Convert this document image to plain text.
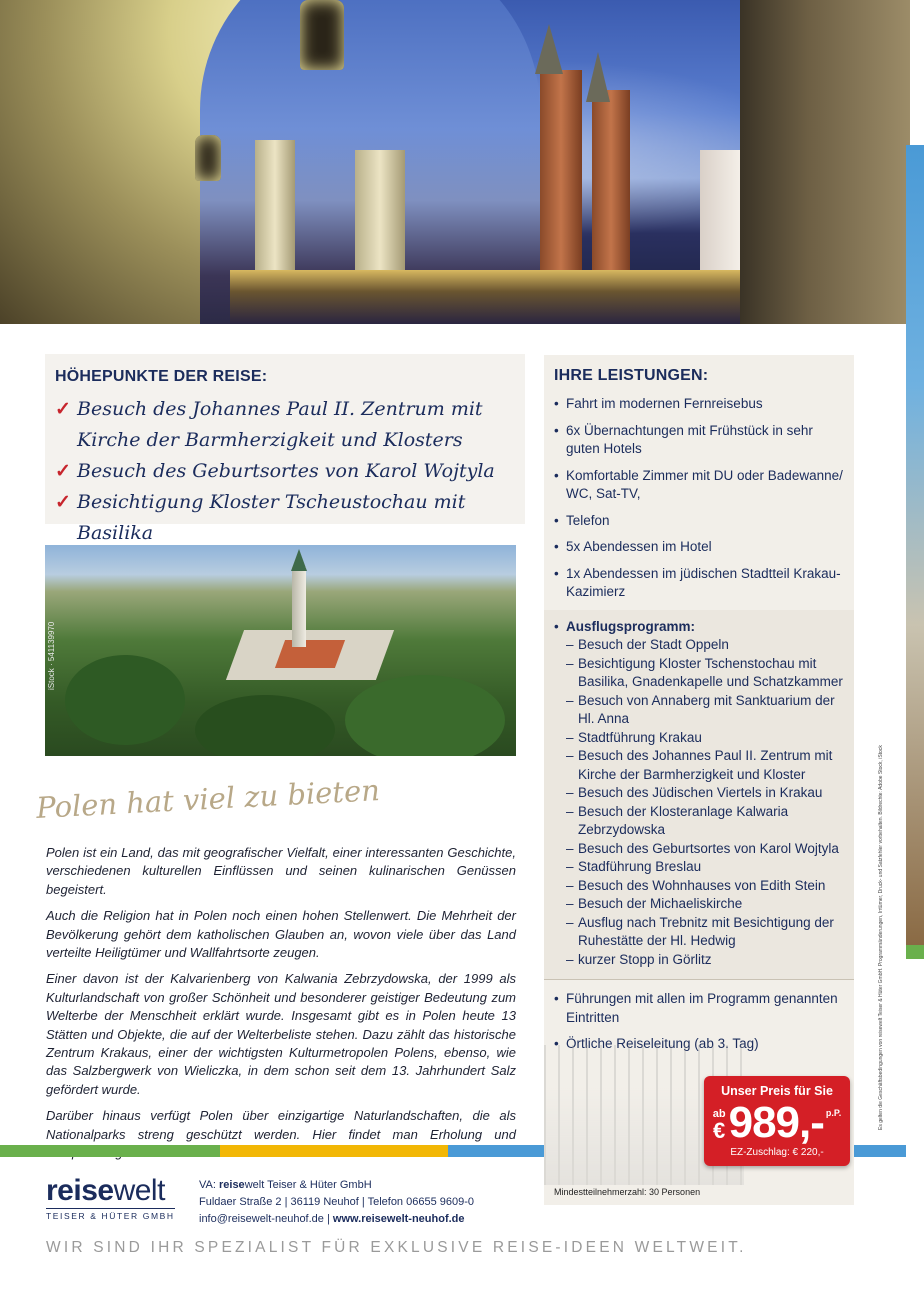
HÖHEPUNKTE DER REISE:
✓ Besuch des Johannes Paul II. Zentrum mit Kirche der Barmherzigkeit und Klosters
✓ Besuch des Geburtsortes von Karol Wojtyla
✓ Besichtigung Kloster Tscheustochau mit Basilika
iStock · 541139970
Polen hat viel zu bieten

Polen ist ein Land, das mit geografischer Vielfalt, einer interessanten Geschichte, verschiedenen kulturellen Einflüssen und seinen kulinarischen Genüssen begeistert.

Auch die Religion hat in Polen noch einen hohen Stellenwert. Die Mehrheit der Bevölkerung gehört dem katholischen Glauben an, wovon viele über das Land verteilte Heiligtümer und Wallfahrtsorte zeugen.

Einer davon ist der Kalvarienberg von Kalwania Zebrzydowska, der 1999 als Kulturlandschaft von großer Schönheit und besonderer geistiger Bedeutung zum Welterbe der Menschheit erklärt wurde. Insgesamt gibt es in Polen heute 13 Stätten und Objekte, die auf der Welterbeliste stehen. Dazu zählt das historische Zentrum Krakaus, einer der wichtigsten Kulturmetropolen Polens, ebenso, wie das Salzbergwerk von Wieliczka, in dem schon seit dem 13. Jahrhundert Salz gefördert wurde.

Darüber hinaus verfügt Polen über einzigartige Naturlandschaften, die als Nationalparks streng geschützt werden. Hier findet man Erholung und

IHRE LEISTUNGEN:
• Fahrt im modernen Fernreisebus
• 6x Übernachtungen mit Frühstück in sehr guten Hotels
• Komfortable Zimmer mit DU oder Badewanne/ WC, Sat-TV,
• Telefon
• 5x Abendessen im Hotel
• 1x Abendessen im jüdischen Stadtteil Krakau-Kazimierz
• Ausflugsprogramm:
– Besuch der Stadt Oppeln
– Besichtigung Kloster Tschenstochau mit Basilika, Gnadenkapelle und Schatzkammer
– Besuch von Annaberg mit Sanktuarium der Hl. Anna
– Stadtführung Krakau
– Besuch des Johannes Paul II. Zentrum mit Kirche der Barmherzigkeit und Kloster
– Besuch des Jüdischen Viertels in Krakau
– Besuch der Klosteranlage Kalwaria Zebrzydowska
– Besuch des Geburtsortes von Karol Wojtyla
– Stadführung Breslau
– Besuch des Wohnhauses von Edith Stein
– Besuch der Michaeliskirche
– Ausflug nach Trebnitz mit Besichtigung der Ruhestätte der Hl. Hedwig
– kurzer Stopp in Görlitz
• Führungen mit allen im Programm genannten Eintritten
• Örtliche Reiseleitung (ab 3. Tag)
Mindestteilnehmerzahl: 30 Personen
Unser Preis für Sie
ab
€ 989,- p.P.
EZ-Zuschlag: € 220,-
Es gelten die Geschäftsbedingungen von reisewelt Teiser & Hüter GmbH. Programmänderungen, Irrtümer, Druck- und Satzfehler vorbehalten. Bildrechte: Adobe Stock, iStock
reisewelt
TEISER & HÜTER GMBH
VA: reisewelt Teiser & Hüter GmbH
Fuldaer Straße 2 | 36119 Neuhof | Telefon 06655 9609-0
info@reisewelt-neuhof.de | www.reisewelt-neuhof.de
WIR SIND IHR SPEZIALIST FÜR EXKLUSIVE REISE-IDEEN WELTWEIT.
